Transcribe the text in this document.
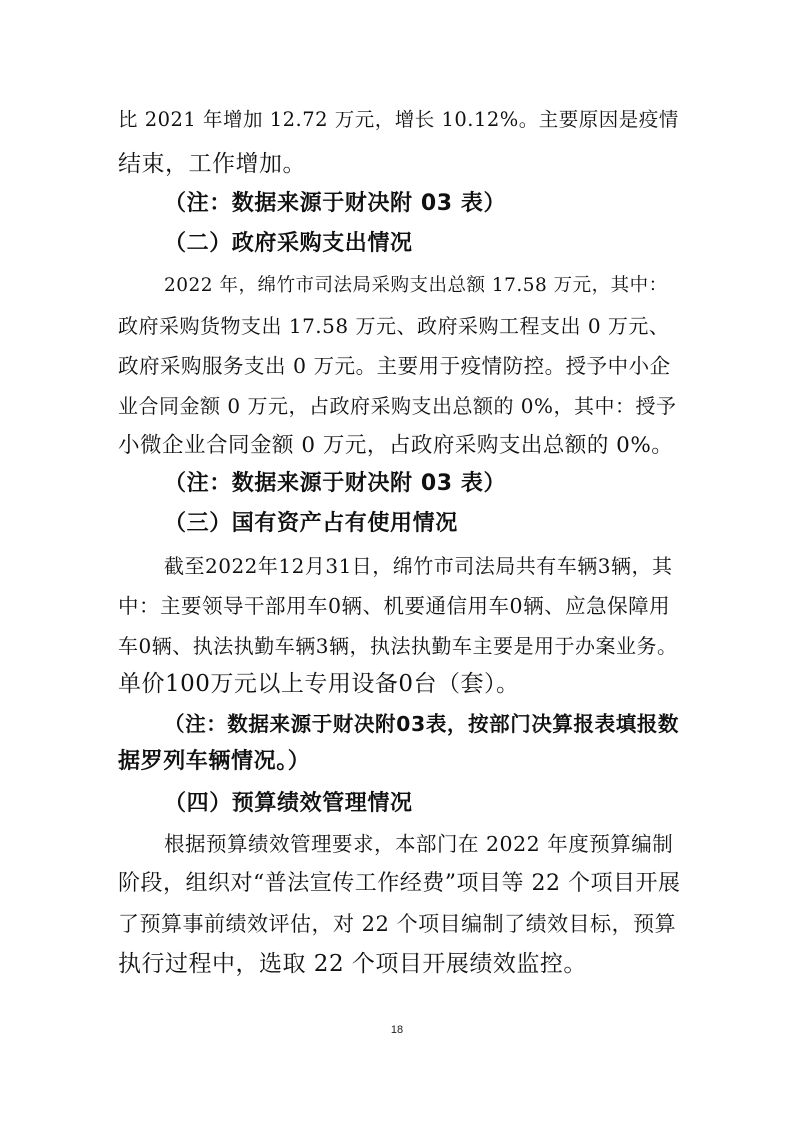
比 2021 年增加 12.72 万元，增长 10.12%。主要原因是疫情
结束，工作增加。
（注：数据来源于财决附 03 表）
（二）政府采购支出情况
2022 年，绵竹市司法局采购支出总额 17.58 万元，其中：
政府采购货物支出 17.58 万元、政府采购工程支出 0 万元、
政府采购服务支出 0 万元。主要用于疫情防控。授予中小企
业合同金额 0 万元，占政府采购支出总额的 0%，其中：授予
小微企业合同金额 0 万元，占政府采购支出总额的 0%。
（注：数据来源于财决附 03 表）
（三）国有资产占有使用情况
截至2022年12月31日，绵竹市司法局共有车辆3辆，其
中：主要领导干部用车0辆、机要通信用车0辆、应急保障用
车0辆、执法执勤车辆3辆，执法执勤车主要是用于办案业务。
单价100万元以上专用设备0台（套）。
（注：数据来源于财决附03表，按部门决算报表填报数
据罗列车辆情况。）
（四）预算绩效管理情况
根据预算绩效管理要求，本部门在 2022 年度预算编制
阶段，组织对“普法宣传工作经费”项目等 22 个项目开展
了预算事前绩效评估，对 22 个项目编制了绩效目标，预算
执行过程中，选取 22 个项目开展绩效监控。
18
